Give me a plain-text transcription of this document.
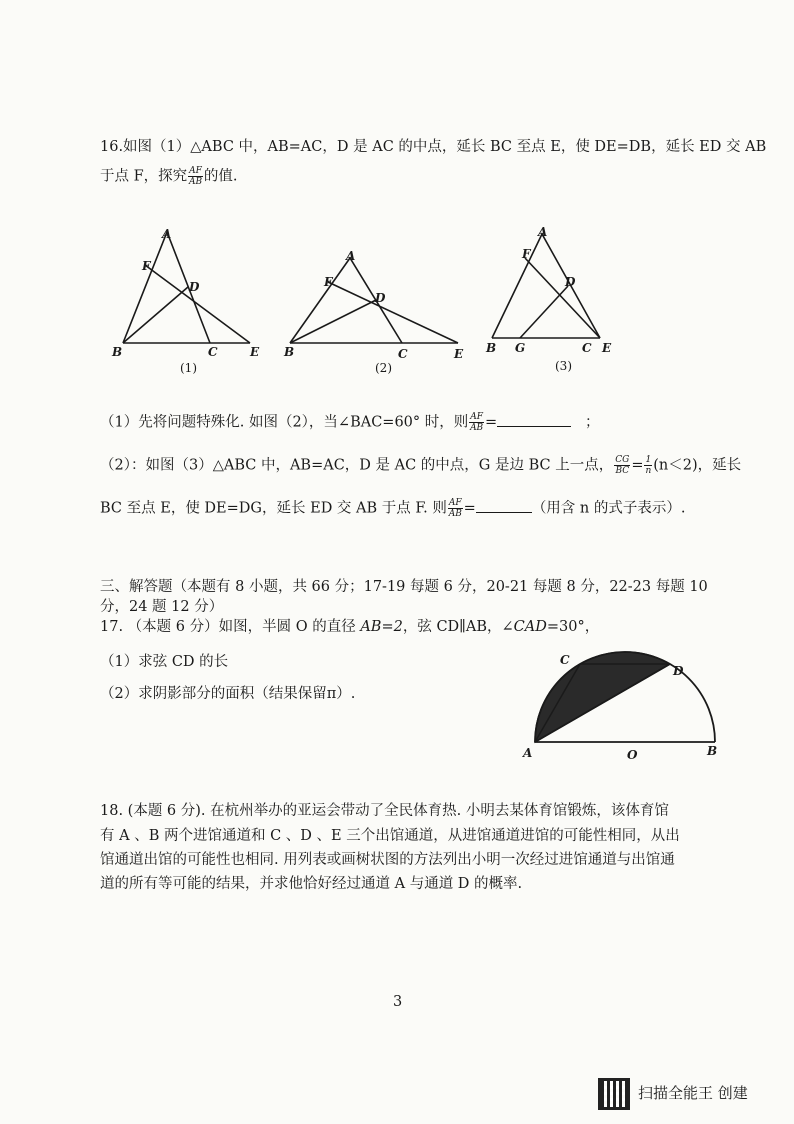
16.如图（1）△ABC 中，AB=AC，D 是 AC 的中点，延长 BC 至点 E，使 DE=DB，延长 ED 交 AB
于点 F，探究 $\frac{AF}{AB}$ 的值.
A
B	C
D
E
F
(1)
A
B	C
D
E
F
(2)
A
B	C
D
E
F
G
(3)
（1）先将问题特殊化. 如图（2），当∠BAC=60° 时，则 $\frac{AF}{AB}$ =	；
（2）：如图（3）△ABC 中，AB=AC，D 是 AC 的中点，G 是边 BC 上一点， $\frac{CG}{BC} = \frac{1}{n} (n<2)$，延长
BC 至点 E，使 DE=DG，延长 ED 交 AB 于点 F. 则 $\frac{AF}{AB}$ =	（用含 n 的式子表示）.
三、解答题（本题有 8 小题，共 66 分；17-19 每题 6 分，20-21 每题 8 分，22-23 每题 10
分，24 题 12 分）
17. （本题 6 分）如图，半圆 O 的直径 AB=2，弦 CD∥AB，∠CAD=30°，
（1）求弦 CD 的长
（2）求阴影部分的面积（结果保留π）.
A	B
C
D
O
18. (本题 6 分). 在杭州举办的亚运会带动了全民体育热. 小明去某体育馆锻炼，该体育馆
有 A 、B 两个进馆通道和 C 、D 、E 三个出馆通道，从进馆通道进馆的可能性相同，从出
馆通道出馆的可能性也相同. 用列表或画树状图的方法列出小明一次经过进馆通道与出馆通
道的所有等可能的结果，并求他恰好经过通道 A 与通道 D 的概率.
3
扫描全能王 创建
